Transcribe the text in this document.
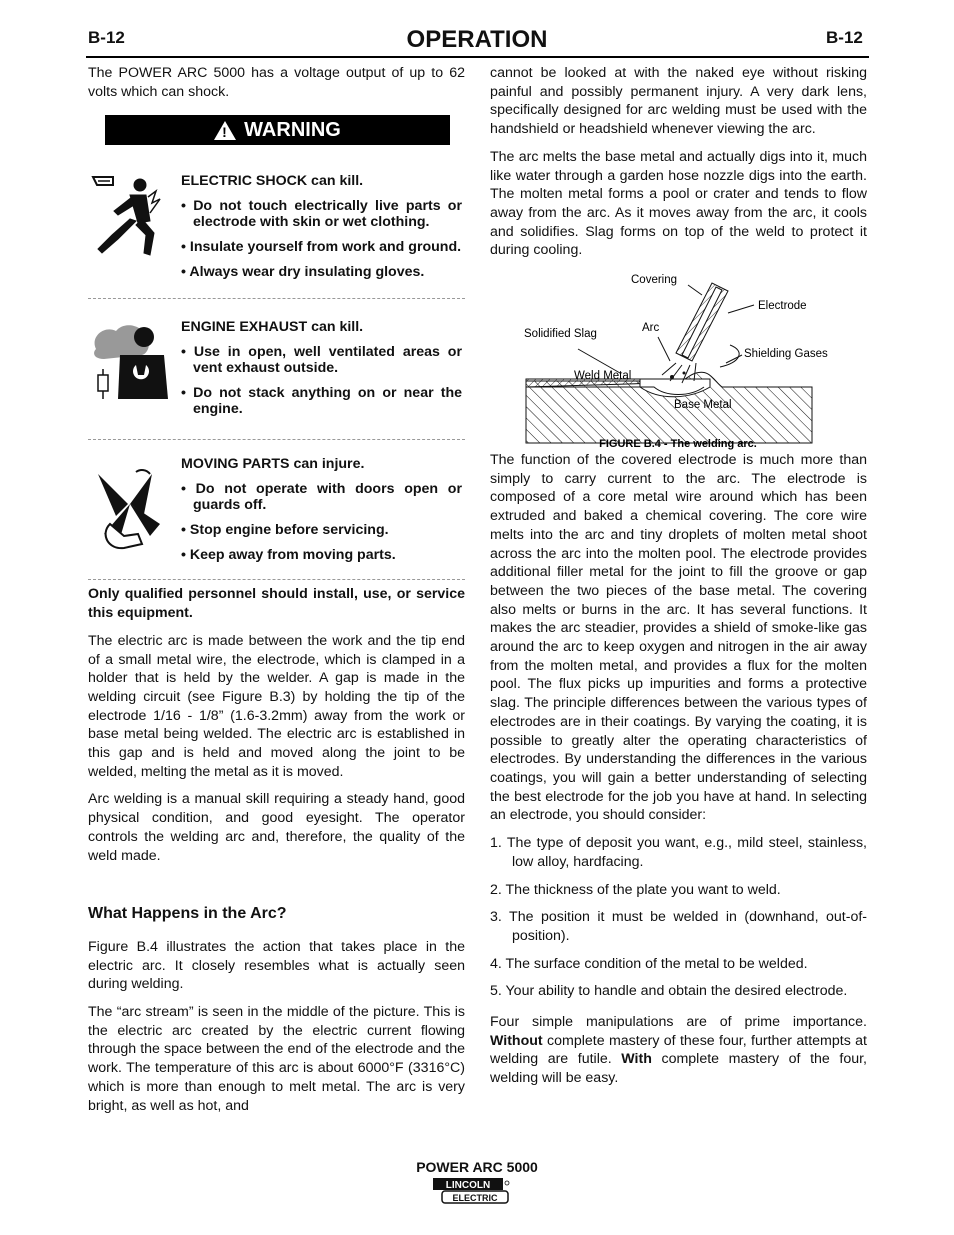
B-12	OPERATION	B-12

The POWER ARC 5000 has a voltage output of up to 62 volts which can shock.

!
WARNING
ELECTRIC SHOCK can kill.
• Do not touch electrically live parts or electrode with skin or wet clothing.
• Insulate yourself from work and ground.
• Always wear dry insulating gloves.
ENGINE EXHAUST can kill.
• Use in open, well ventilated areas or vent exhaust outside.
• Do not stack anything on or near the engine.
MOVING PARTS can injure.
• Do not operate with doors open or guards off.
• Stop engine before servicing.
• Keep away from moving parts.

Only qualified personnel should install, use, or service this equipment.

The electric arc is made between the work and the tip end of a small metal wire, the electrode, which is clamped in a holder that is held by the welder. A gap is made in the welding circuit (see Figure B.3) by holding the tip of the electrode 1/16 - 1/8” (1.6-3.2mm) away from the work or base metal being welded. The electric arc is established in this gap and is held and moved along the joint to be welded, melting the metal as it is moved.

Arc welding is a manual skill requiring a steady hand, good physical condition, and good eyesight. The operator controls the welding arc and, therefore, the quality of the weld made.

What Happens in the Arc?

Figure B.4 illustrates the action that takes place in the electric arc. It closely resembles what is actually seen during welding.

The “arc stream” is seen in the middle of the picture. This is the electric arc created by the electric current flowing through the space between the end of the electrode and the work. The temperature of this arc is about 6000°F (3316°C) which is more than enough to melt metal. The arc is very bright, as well as hot, and

cannot be looked at with the naked eye without risking painful and possibly permanent injury. A very dark lens, specifically designed for arc welding must be used with the handshield or headshield whenever viewing the arc.

The arc melts the base metal and actually digs into it, much like water through a garden hose nozzle digs into the earth. The molten metal forms a pool or crater and tends to flow away from the arc. As it moves away from the arc, it cools and solidifies. Slag forms on top of the weld to protect it during cooling.

Covering
Electrode
Arc
Solidified Slag
Shielding Gases
Weld Metal
Base Metal
FIGURE B.4 - The welding arc.

The function of the covered electrode is much more than simply to carry current to the arc. The electrode is composed of a core metal wire around which has been extruded and baked a chemical covering. The core wire melts into the arc and tiny droplets of molten metal shoot across the arc into the molten pool. The electrode provides additional filler metal for the joint to fill the groove or gap between the two pieces of the base metal. The covering also melts or burns in the arc. It has several functions. It makes the arc steadier, provides a shield of smoke-like gas around the arc to keep oxygen and nitrogen in the air away from the molten metal, and provides a flux for the molten pool. The flux picks up impurities and forms a protective slag. The principle differences between the various types of electrodes are in their coatings. By varying the coating, it is possible to greatly alter the operating characteristics of electrodes. By understanding the differences in the various coatings, you will gain a better understanding of selecting the best electrode for the job you have at hand. In selecting an electrode, you should consider:

1. The type of deposit you want, e.g., mild steel, stainless, low alloy, hardfacing.
2. The thickness of the plate you want to weld.
3. The position it must be welded in (downhand, out-of-position).
4. The surface condition of the metal to be welded.
5. Your ability to handle and obtain the desired electrode.

Four simple manipulations are of prime importance. Without complete mastery of these four, further attempts at welding are futile. With complete mastery of the four, welding will be easy.

POWER ARC 5000
LINCOLN
ELECTRIC
